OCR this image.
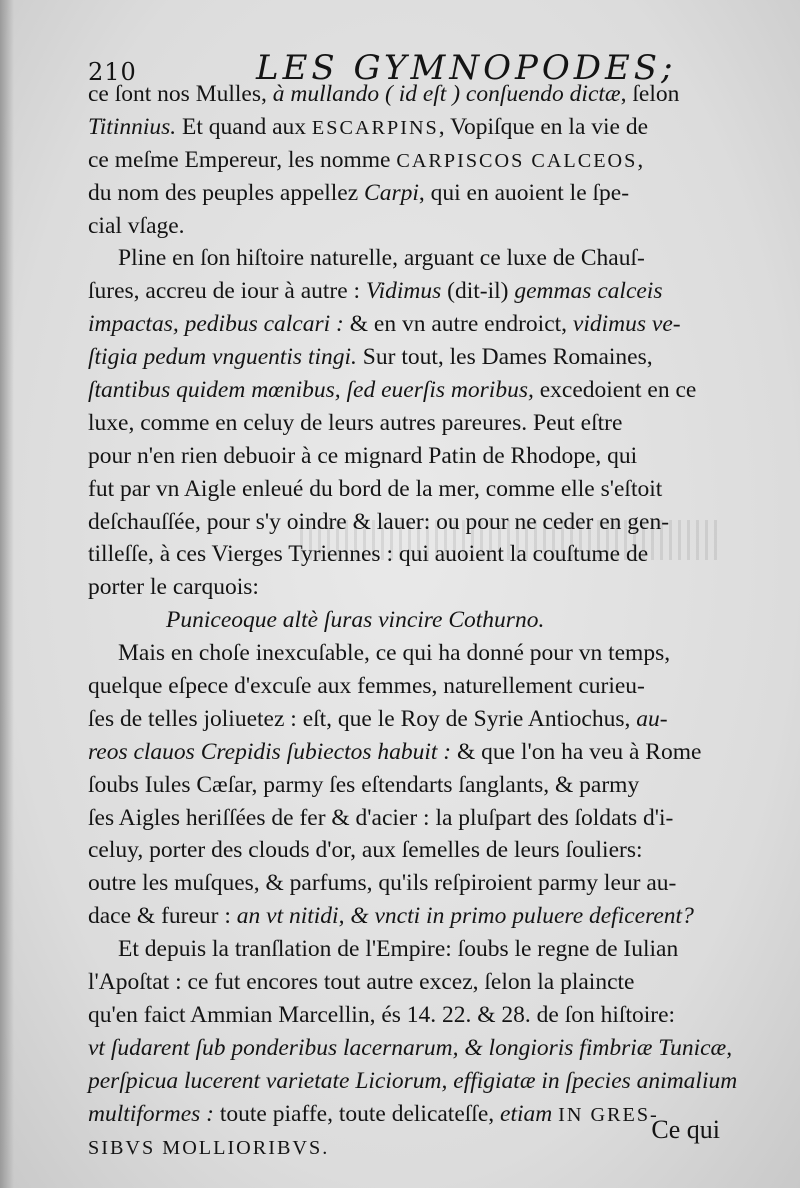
210	LES GYMNOPODES;
ce ſont nos Mulles, à mullando ( id eſt ) conſuendo dictæ, ſelon
Titinnius. Et quand aux ESCARPINS, Vopiſque en la vie de
ce meſme Empereur, les nomme CARPISCOS CALCEOS,
du nom des peuples appellez Carpi, qui en auoient le ſpe-
cial vſage.
Pline en ſon hiſtoire naturelle, arguant ce luxe de Chauſ-
ſures, accreu de iour à autre : Vidimus (dit-il) gemmas calceis
impactas, pedibus calcari : & en vn autre endroict, vidimus ve-
ſtigia pedum vnguentis tingi. Sur tout, les Dames Romaines,
ſtantibus quidem mœnibus, ſed euerſis moribus, excedoient en ce
luxe, comme en celuy de leurs autres pareures. Peut eſtre
pour n'en rien debuoir à ce mignard Patin de Rhodope, qui
fut par vn Aigle enleué du bord de la mer, comme elle s'eſtoit
deſchauſſée, pour s'y oindre & lauer: ou pour ne ceder en gen-
tilleſſe, à ces Vierges Tyriennes : qui auoient la couſtume de
porter le carquois:
Puniceoque altè ſuras vincire Cothurno.
Mais en choſe inexcuſable, ce qui ha donné pour vn temps,
quelque eſpece d'excuſe aux femmes, naturellement curieu-
ſes de telles joliuetez : eſt, que le Roy de Syrie Antiochus, au-
reos clauos Crepidis ſubiectos habuit : & que l'on ha veu à Rome
ſoubs Iules Cæſar, parmy ſes eſtendarts ſanglants, & parmy
ſes Aigles heriſſées de fer & d'acier : la pluſpart des ſoldats d'i-
celuy, porter des clouds d'or, aux ſemelles de leurs ſouliers:
outre les muſques, & parfums, qu'ils reſpiroient parmy leur au-
dace & fureur : an vt nitidi, & vncti in primo puluere deficerent?
Et depuis la tranſlation de l'Empire: ſoubs le regne de Iulian
l'Apoſtat : ce fut encores tout autre excez, ſelon la plaincte
qu'en faict Ammian Marcellin, és 14. 22. & 28. de ſon hiſtoire:
vt ſudarent ſub ponderibus lacernarum, & longioris fimbriæ Tunicæ,
perſpicua lucerent varietate Liciorum, effigiatæ in ſpecies animalium
multiformes : toute piaffe, toute delicateſſe, etiam IN GRES-
SIBVS MOLLIORIBVS.
Ce qui
